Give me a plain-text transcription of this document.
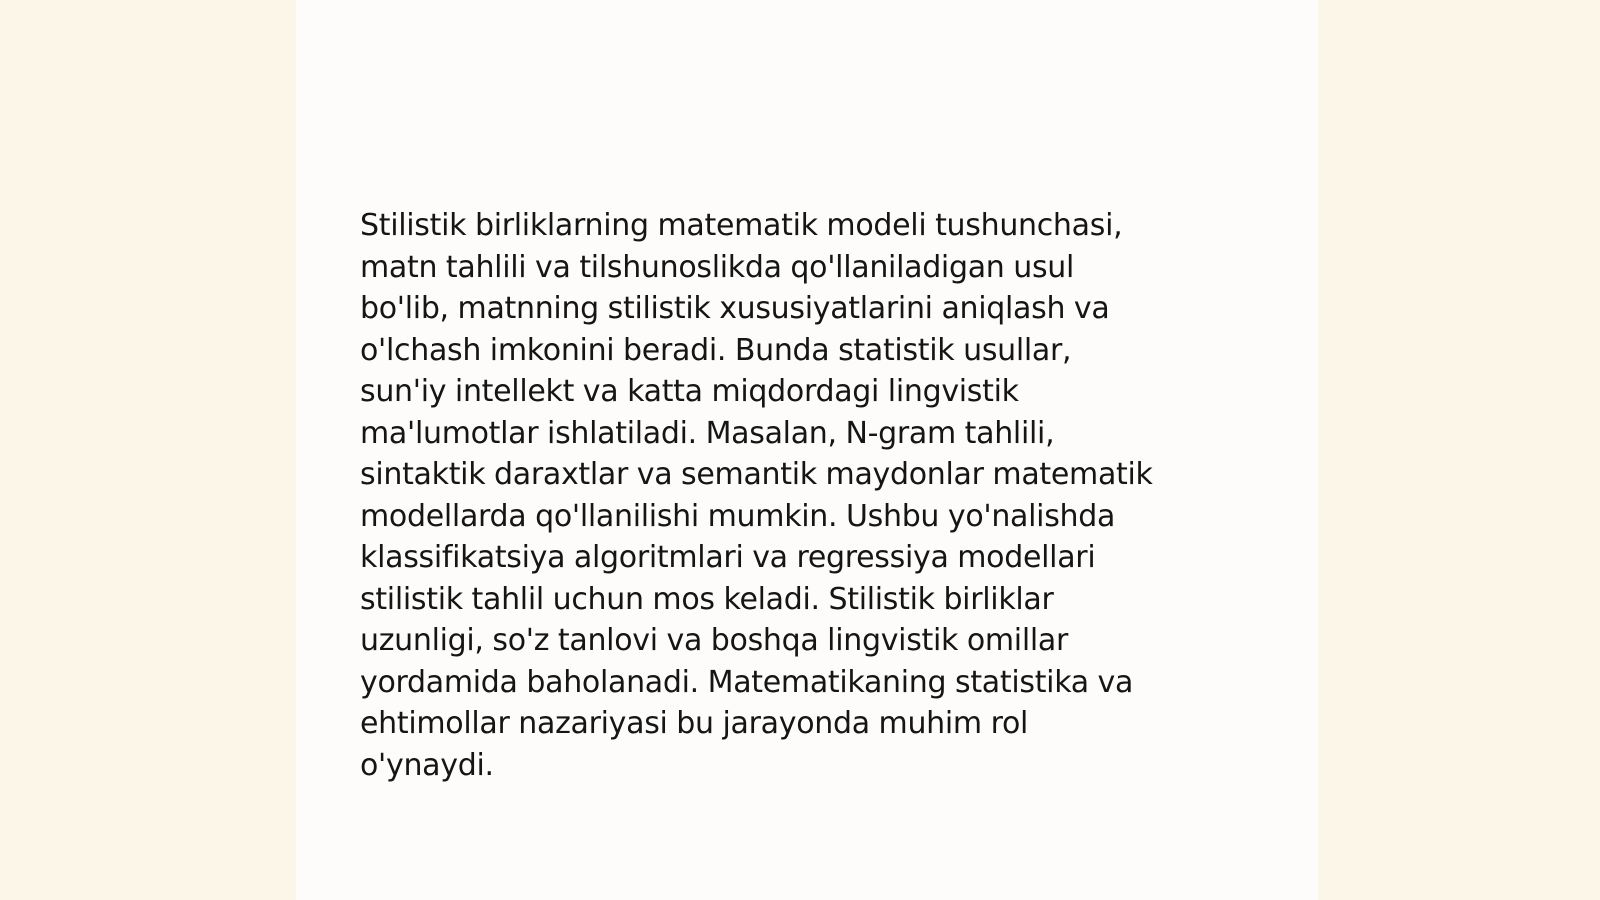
Stilistik birliklarning matematik modeli tushunchasi,
matn tahlili va tilshunoslikda qo'llaniladigan usul
bo'lib, matnning stilistik xususiyatlarini aniqlash va
o'lchash imkonini beradi. Bunda statistik usullar,
sun'iy intellekt va katta miqdordagi lingvistik
ma'lumotlar ishlatiladi. Masalan, N-gram tahlili,
sintaktik daraxtlar va semantik maydonlar matematik
modellarda qo'llanilishi mumkin. Ushbu yo'nalishda
klassifikatsiya algoritmlari va regressiya modellari
stilistik tahlil uchun mos keladi. Stilistik birliklar
uzunligi, so'z tanlovi va boshqa lingvistik omillar
yordamida baholanadi. Matematikaning statistika va
ehtimollar nazariyasi bu jarayonda muhim rol
o'ynaydi.
